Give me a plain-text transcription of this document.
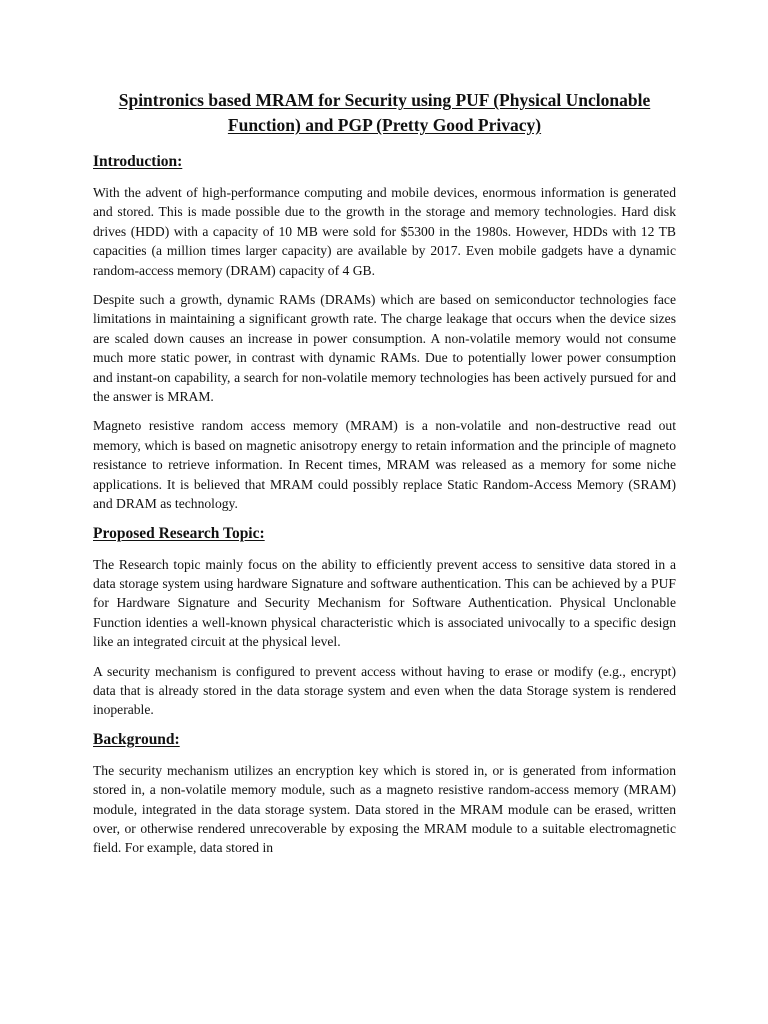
Spintronics based MRAM for Security using PUF (Physical Unclonable Function) and PGP (Pretty Good Privacy)
Introduction:

With the advent of high-performance computing and mobile devices, enormous information is generated and stored. This is made possible due to the growth in the storage and memory technologies. Hard disk drives (HDD) with a capacity of 10 MB were sold for $5300 in the 1980s. However, HDDs with 12 TB capacities (a million times larger capacity) are available by 2017. Even mobile gadgets have a dynamic random-access memory (DRAM) capacity of 4 GB.

Despite such a growth, dynamic RAMs (DRAMs) which are based on semiconductor technologies face limitations in maintaining a significant growth rate. The charge leakage that occurs when the device sizes are scaled down causes an increase in power consumption. A non-volatile memory would not consume much more static power, in contrast with dynamic RAMs. Due to potentially lower power consumption and instant-on capability, a search for non-volatile memory technologies has been actively pursued for and the answer is MRAM.

Magneto resistive random access memory (MRAM) is a non-volatile and non-destructive read out memory, which is based on magnetic anisotropy energy to retain information and the principle of magneto resistance to retrieve information. In Recent times, MRAM was released as a memory for some niche applications. It is believed that MRAM could possibly replace Static Random-Access Memory (SRAM) and DRAM as technology.

Proposed Research Topic:

The Research topic mainly focus on the ability to efficiently prevent access to sensitive data stored in a data storage system using hardware Signature and software authentication. This can be achieved by a PUF for Hardware Signature and Security Mechanism for Software Authentication. Physical Unclonable Function identies a well-known physical characteristic which is associated univocally to a specific design like an integrated circuit at the physical level.

A security mechanism is configured to prevent access without having to erase or modify (e.g., encrypt) data that is already stored in the data storage system and even when the data Storage system is rendered inoperable.

Background:

The security mechanism utilizes an encryption key which is stored in, or is generated from information stored in, a non-volatile memory module, such as a magneto resistive random-access memory (MRAM) module, integrated in the data storage system. Data stored in the MRAM module can be erased, written over, or otherwise rendered unrecoverable by exposing the MRAM module to a suitable electromagnetic field. For example, data stored in
